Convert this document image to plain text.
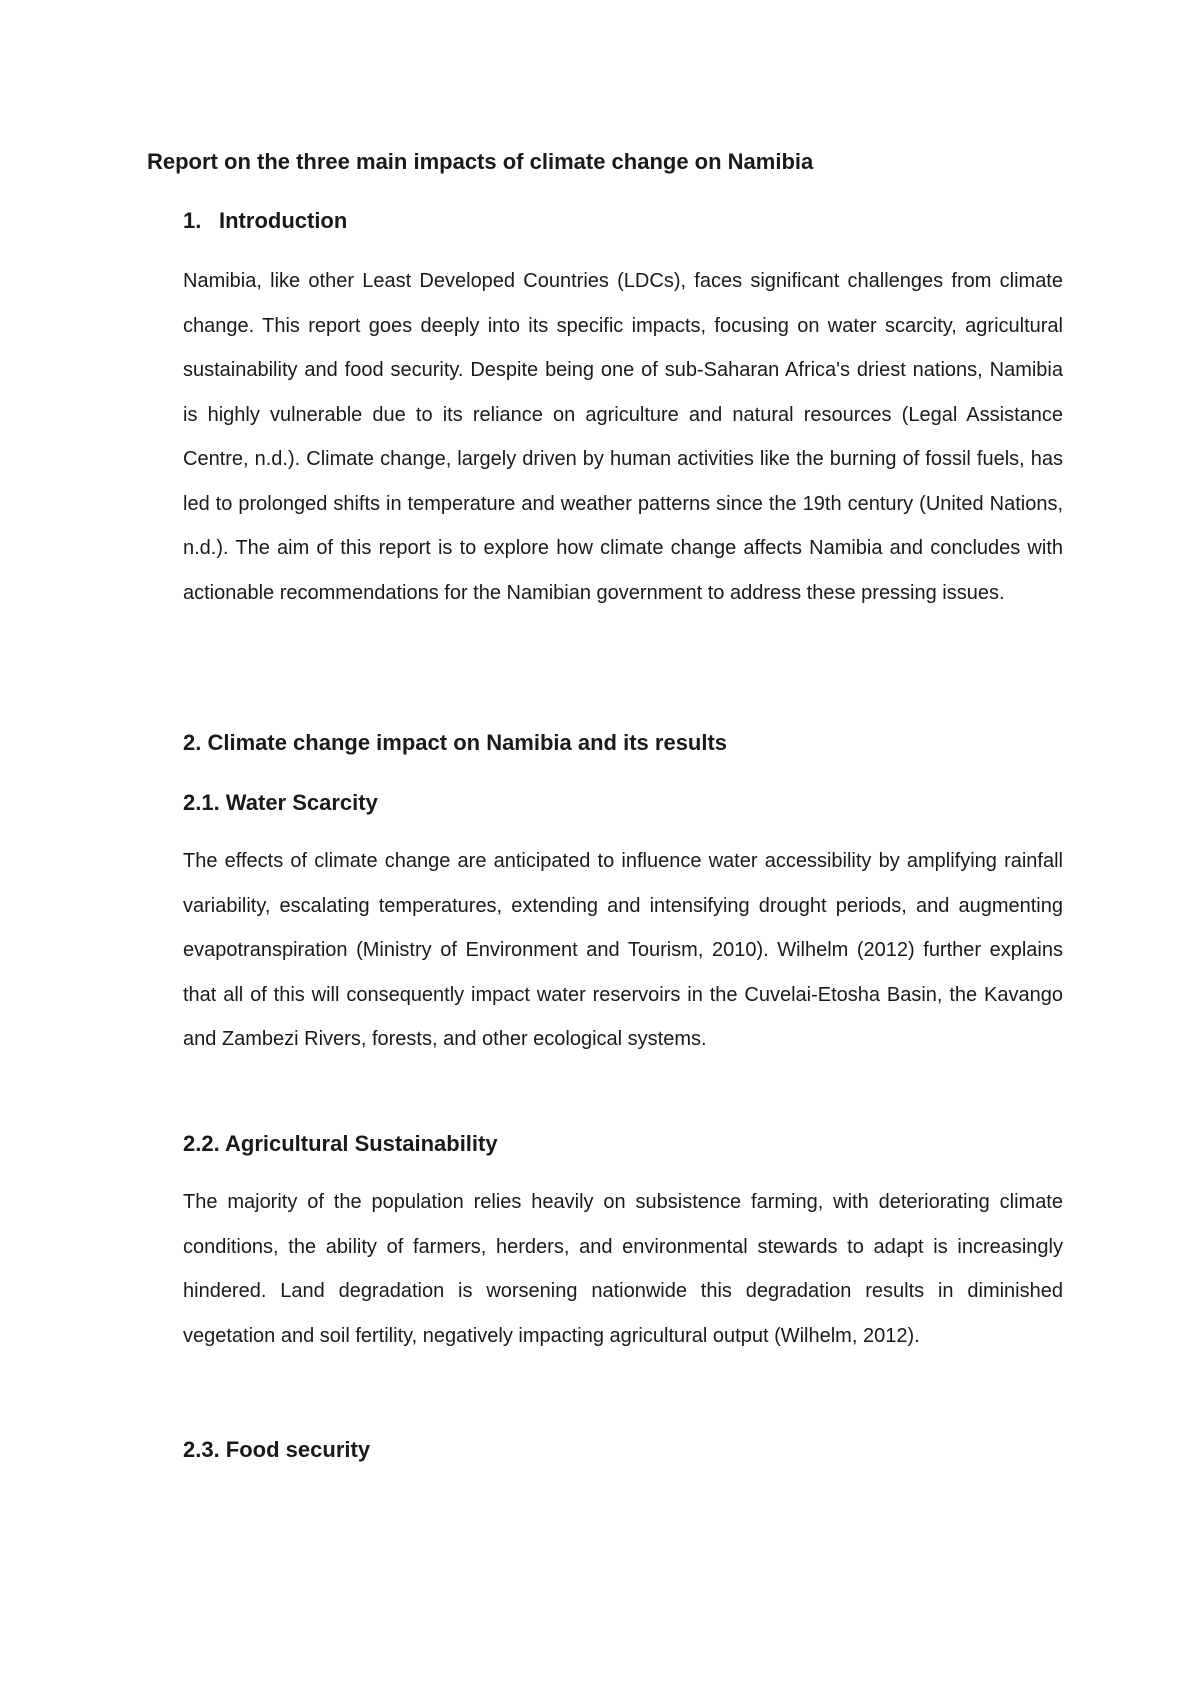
Report on the three main impacts of climate change on Namibia
1. Introduction

Namibia, like other Least Developed Countries (LDCs), faces significant challenges from climate change. This report goes deeply into its specific impacts, focusing on water scarcity, agricultural sustainability and food security. Despite being one of sub-Saharan Africa's driest nations, Namibia is highly vulnerable due to its reliance on agriculture and natural resources (Legal Assistance Centre, n.d.). Climate change, largely driven by human activities like the burning of fossil fuels, has led to prolonged shifts in temperature and weather patterns since the 19th century (United Nations, n.d.). The aim of this report is to explore how climate change affects Namibia and concludes with actionable recommendations for the Namibian government to address these pressing issues.

2. Climate change impact on Namibia and its results
2.1. Water Scarcity

The effects of climate change are anticipated to influence water accessibility by amplifying rainfall variability, escalating temperatures, extending and intensifying drought periods, and augmenting evapotranspiration (Ministry of Environment and Tourism, 2010). Wilhelm (2012) further explains that all of this will consequently impact water reservoirs in the Cuvelai-Etosha Basin, the Kavango and Zambezi Rivers, forests, and other ecological systems.

2.2. Agricultural Sustainability

The majority of the population relies heavily on subsistence farming, with deteriorating climate conditions, the ability of farmers, herders, and environmental stewards to adapt is increasingly hindered. Land degradation is worsening nationwide this degradation results in diminished vegetation and soil fertility, negatively impacting agricultural output (Wilhelm, 2012).

2.3. Food security
